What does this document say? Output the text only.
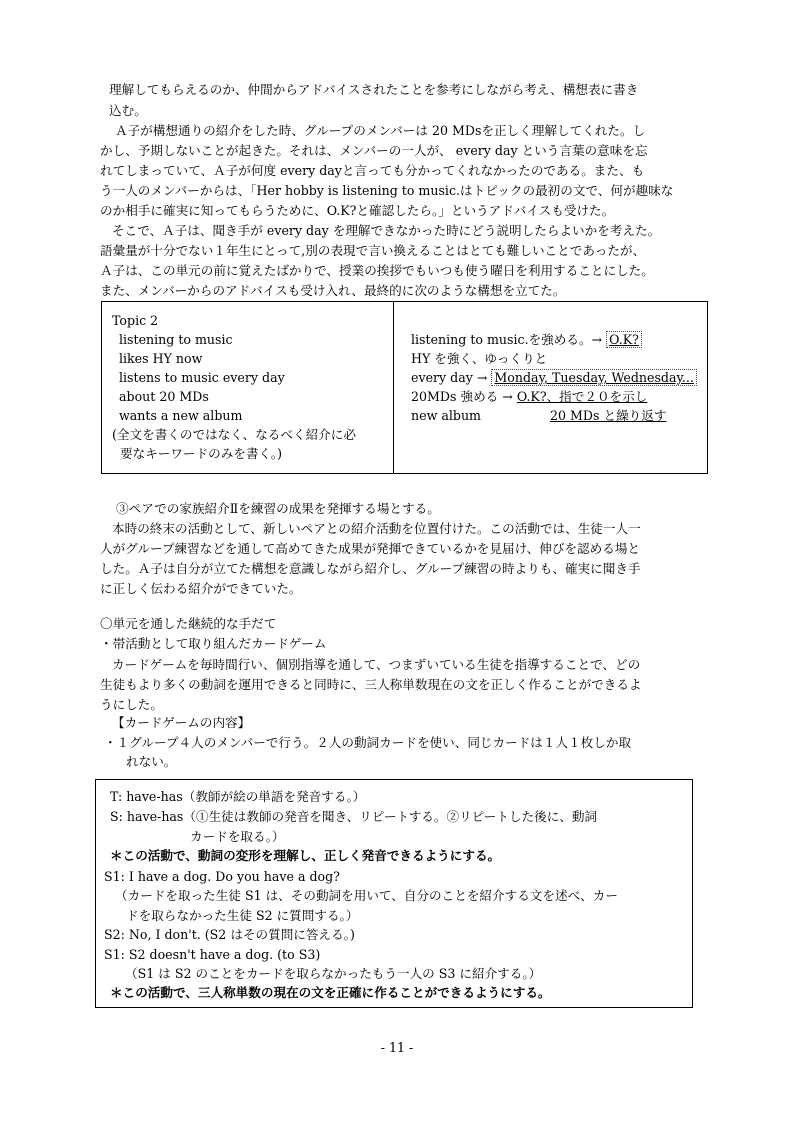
理解してもらえるのか、仲間からアドバイスされたことを参考にしながら考え、構想表に書き
込む。
Ａ子が構想通りの紹介をした時、グループのメンバーは 20 MDsを正しく理解してくれた。し
かし、予期しないことが起きた。それは、メンバーの一人が、 every day という言葉の意味を忘
れてしまっていて、Ａ子が何度 every dayと言っても分かってくれなかったのである。また、も
う一人のメンバーからは、「Her hobby is listening to music.はトピックの最初の文で、何が趣味な
のか相手に確実に知ってもらうために、O.K?と確認したら。」というアドバイスも受けた。
そこで、Ａ子は、聞き手が every day を理解できなかった時にどう説明したらよいかを考えた。
語彙量が十分でない１年生にとって,別の表現で言い換えることはとても難しいことであったが、
Ａ子は、この単元の前に覚えたばかりで、授業の挨拶でもいつも使う曜日を利用することにした。
また、メンバーからのアドバイスも受け入れ、最終的に次のような構想を立てた。
Topic 2
listening to music
likes HY now
listens to music every day
about 20 MDs
wants a new album
(全文を書くのではなく、なるべく紹介に必
要なキーワードのみを書く。)
listening to music.を強める。→ O.K?
HY を強く、ゆっくりと
every day → Monday, Tuesday, Wednesday...
20MDs 強める → O.K?、指で２０を示し
new album	20 MDs と繰り返す
③ペアでの家族紹介Ⅱを練習の成果を発揮する場とする。
本時の終末の活動として、新しいペアとの紹介活動を位置付けた。この活動では、生徒一人一
人がグループ練習などを通して高めてきた成果が発揮できているかを見届け、伸びを認める場と
した。Ａ子は自分が立てた構想を意識しながら紹介し、グループ練習の時よりも、確実に聞き手
に正しく伝わる紹介ができていた。
〇単元を通した継続的な手だて
・帯活動として取り組んだカードゲーム
カードゲームを毎時間行い、個別指導を通して、つまずいている生徒を指導することで、どの
生徒もより多くの動詞を運用できると同時に、三人称単数現在の文を正しく作ることができるよ
うにした。
【カードゲームの内容】
・１グループ４人のメンバーで行う。２人の動詞カードを使い、同じカードは１人１枚しか取
れない。
T: have-has（教師が絵の単語を発音する。）
S: have-has（①生徒は教師の発音を聞き、リピートする。②リピートした後に、動詞
カードを取る。）
＊この活動で、動詞の変形を理解し、正しく発音できるようにする。
S1: I have a dog. Do you have a dog?
（カードを取った生徒 S1 は、その動詞を用いて、自分のことを紹介する文を述べ、カー
ドを取らなかった生徒 S2 に質問する。）
S2: No, I don't. (S2 はその質問に答える。)
S1: S2 doesn't have a dog. (to S3)
（S1 は S2 のことをカードを取らなかったもう一人の S3 に紹介する。）
＊この活動で、三人称単数の現在の文を正確に作ることができるようにする。
- 11 -
